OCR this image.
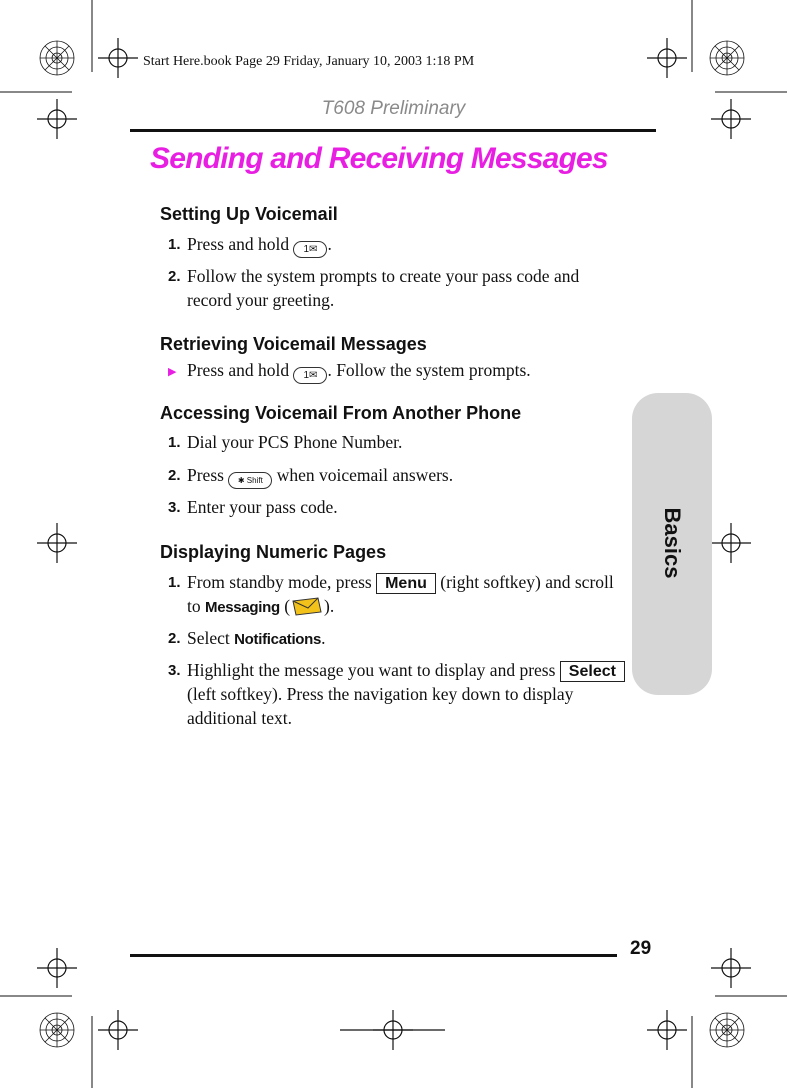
Start Here.book Page 29 Friday, January 10, 2003 1:18 PM
T608 Preliminary
Sending and Receiving Messages
Setting Up Voicemail
1. Press and hold 1✉ .
2. Follow the system prompts to create your pass code and record your greeting.
Retrieving Voicemail Messages
▶ Press and hold 1✉ . Follow the system prompts.
Accessing Voicemail From Another Phone
1. Dial your PCS Phone Number.
2. Press ✱ Shift when voicemail answers.
3. Enter your pass code.
Displaying Numeric Pages
1. From standby mode, press Menu (right softkey) and scroll to Messaging ( ).
2. Select Notifications.
3. Highlight the message you want to display and press Select (left softkey). Press the navigation key down to display additional text.
Basics
29
